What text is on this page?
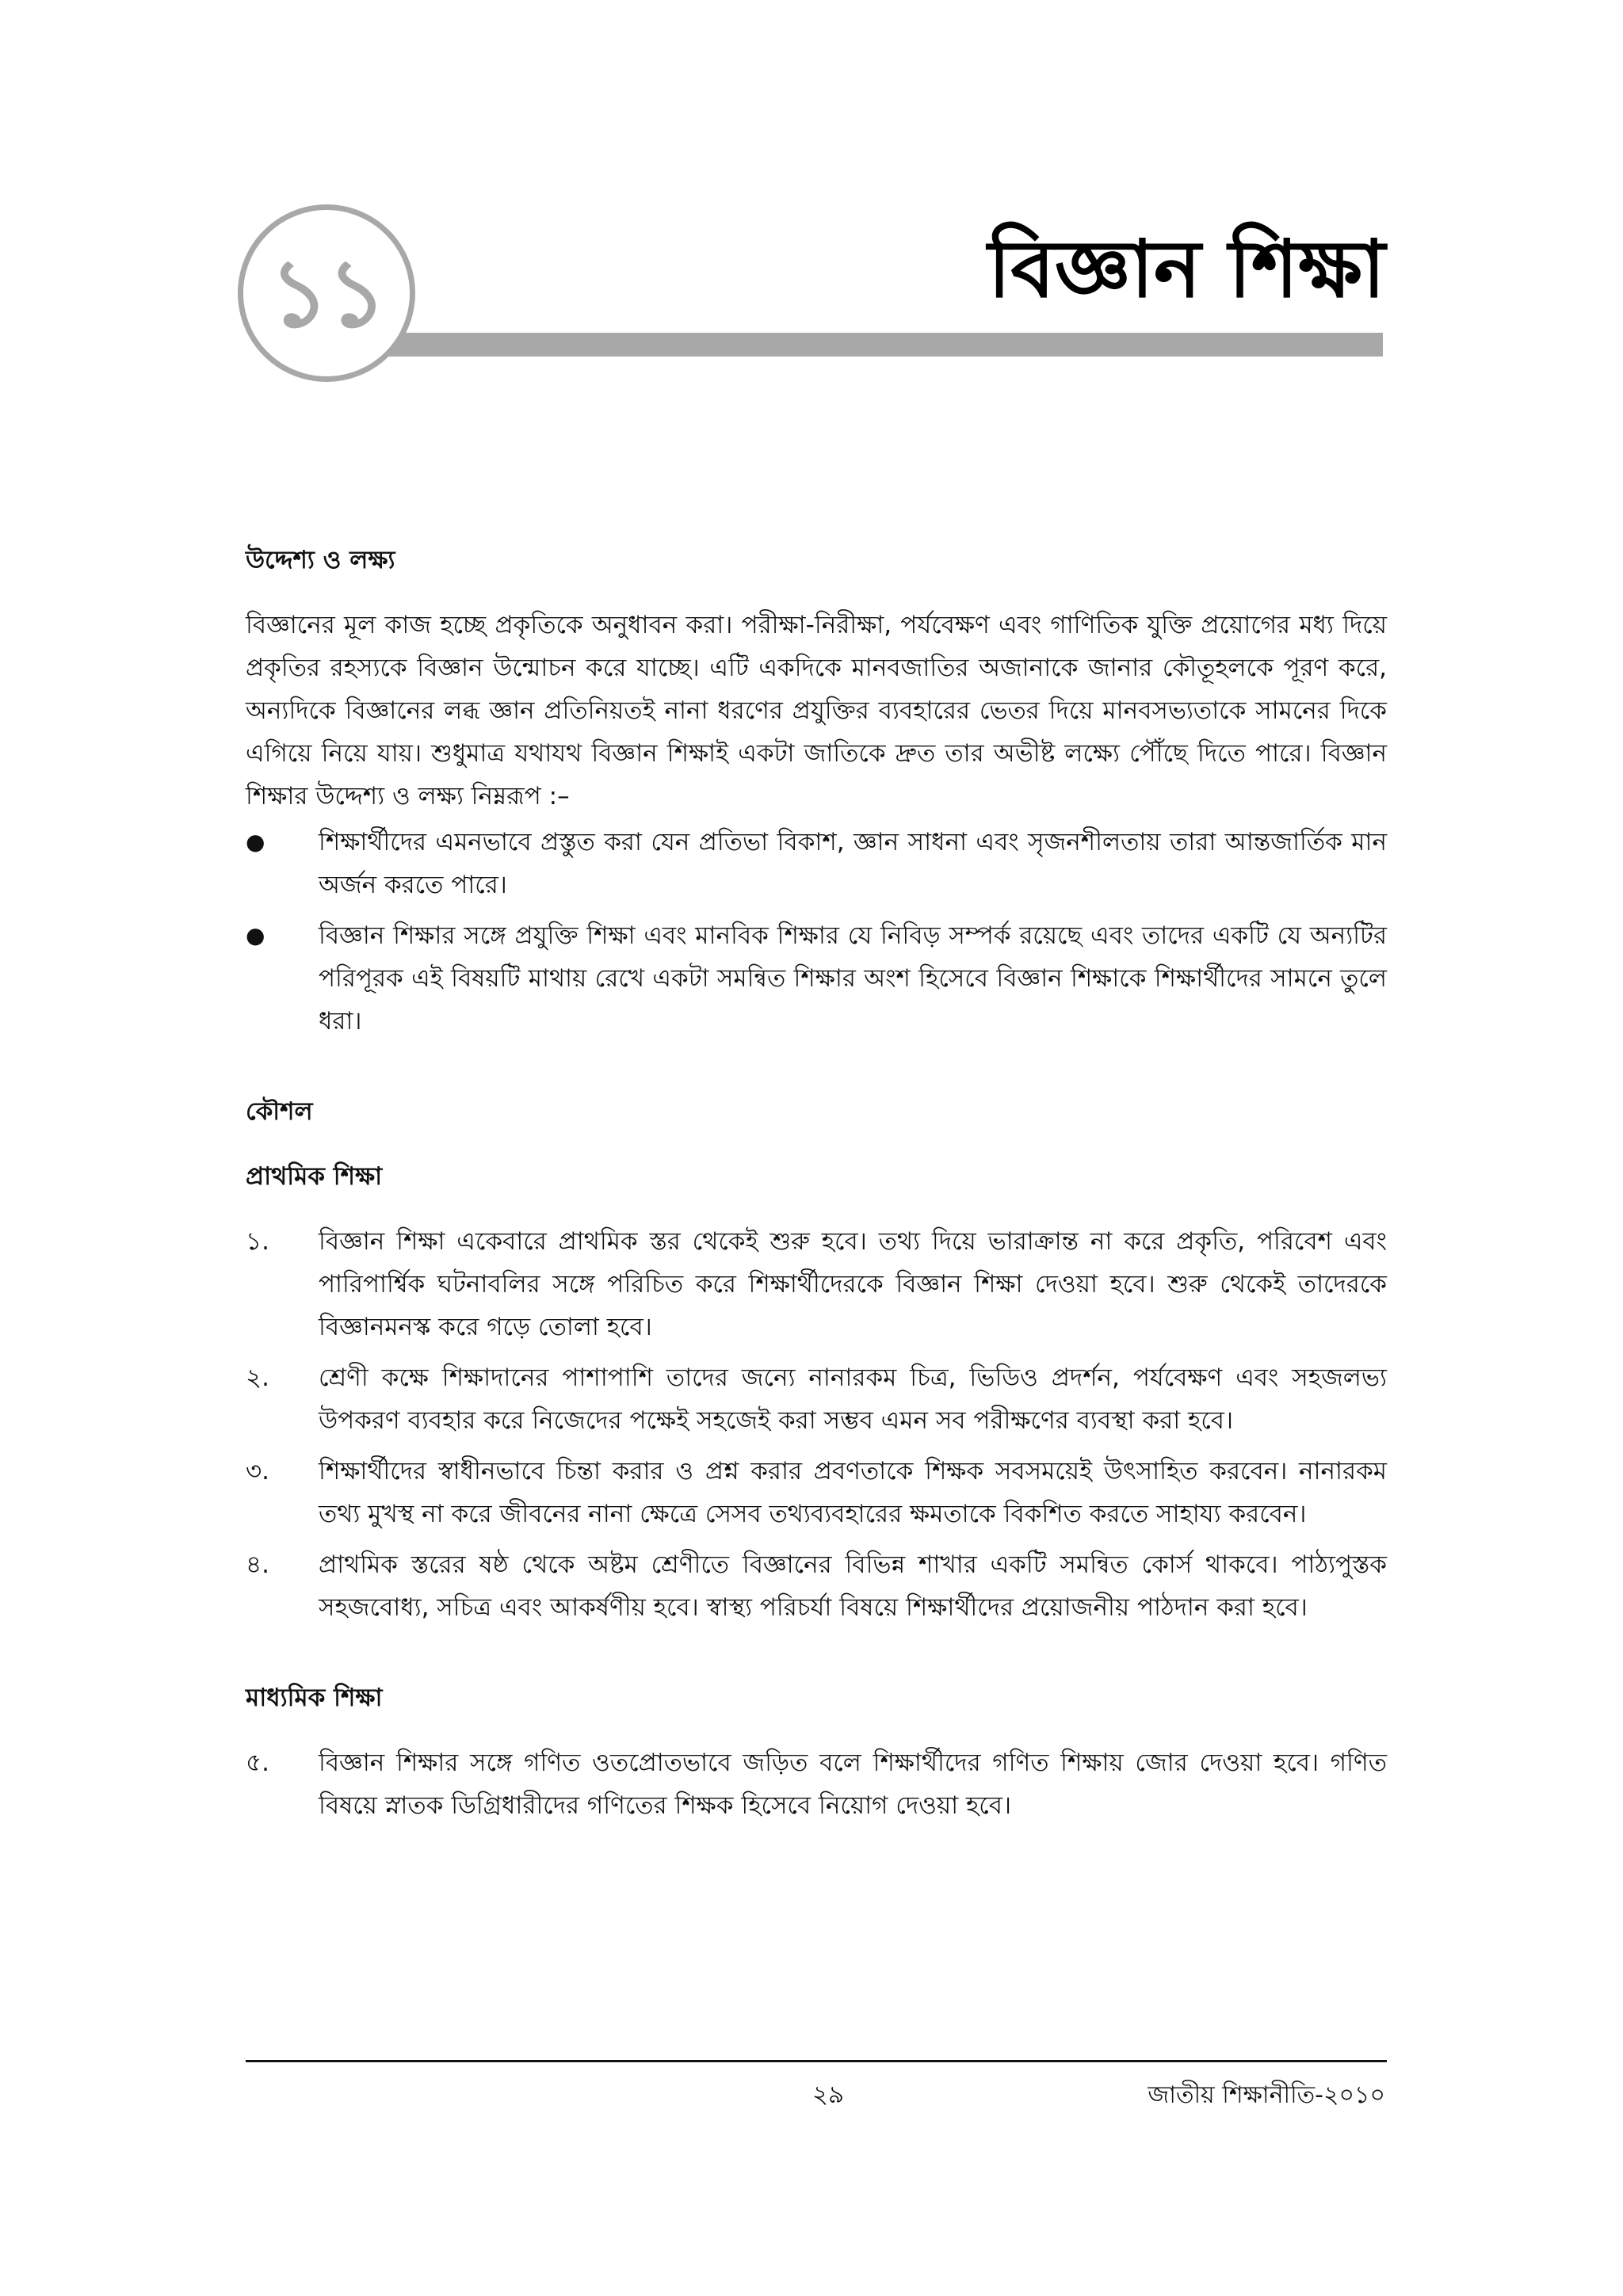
১১	বিজ্ঞান শিক্ষা
উদ্দেশ্য ও লক্ষ্য

বিজ্ঞানের মূল কাজ হচ্ছে প্রকৃতিকে অনুধাবন করা। পরীক্ষা-নিরীক্ষা, পর্যবেক্ষণ এবং গাণিতিক যুক্তি প্রয়োগের মধ্য দিয়ে প্রকৃতির রহস্যকে বিজ্ঞান উন্মোচন করে যাচ্ছে। এটি একদিকে মানবজাতির অজানাকে জানার কৌতূহলকে পূরণ করে, অন্যদিকে বিজ্ঞানের লব্ধ জ্ঞান প্রতিনিয়তই নানা ধরণের প্রযুক্তির ব্যবহারের ভেতর দিয়ে মানবসভ্যতাকে সামনের দিকে এগিয়ে নিয়ে যায়। শুধুমাত্র যথাযথ বিজ্ঞান শিক্ষাই একটা জাতিকে দ্রুত তার অভীষ্ট লক্ষ্যে পৌঁছে দিতে পারে। বিজ্ঞান শিক্ষার উদ্দেশ্য ও লক্ষ্য নিম্নরূপ :–

● শিক্ষার্থীদের এমনভাবে প্রস্তুত করা যেন প্রতিভা বিকাশ, জ্ঞান সাধনা এবং সৃজনশীলতায় তারা আন্তজার্তিক মান অর্জন করতে পারে।
● বিজ্ঞান শিক্ষার সঙ্গে প্রযুক্তি শিক্ষা এবং মানবিক শিক্ষার যে নিবিড় সম্পর্ক রয়েছে এবং তাদের একটি যে অন্যটির পরিপূরক এই বিষয়টি মাথায় রেখে একটা সমন্বিত শিক্ষার অংশ হিসেবে বিজ্ঞান শিক্ষাকে শিক্ষার্থীদের সামনে তুলে ধরা।
কৌশল
প্রাথমিক শিক্ষা
১. বিজ্ঞান শিক্ষা একেবারে প্রাথমিক স্তর থেকেই শুরু হবে। তথ্য দিয়ে ভারাক্রান্ত না করে প্রকৃতি, পরিবেশ এবং পারিপার্শ্বিক ঘটনাবলির সঙ্গে পরিচিত করে শিক্ষার্থীদেরকে বিজ্ঞান শিক্ষা দেওয়া হবে। শুরু থেকেই তাদেরকে বিজ্ঞানমনস্ক করে গড়ে তোলা হবে।
২. শ্রেণী কক্ষে শিক্ষাদানের পাশাপাশি তাদের জন্যে নানারকম চিত্র, ভিডিও প্রদর্শন, পর্যবেক্ষণ এবং সহজলভ্য উপকরণ ব্যবহার করে নিজেদের পক্ষেই সহজেই করা সম্ভব এমন সব পরীক্ষণের ব্যবস্থা করা হবে।
৩. শিক্ষার্থীদের স্বাধীনভাবে চিন্তা করার ও প্রশ্ন করার প্রবণতাকে শিক্ষক সবসময়েই উৎসাহিত করবেন। নানারকম তথ্য মুখস্থ না করে জীবনের নানা ক্ষেত্রে সেসব তথ্যব্যবহারের ক্ষমতাকে বিকশিত করতে সাহায্য করবেন।
৪. প্রাথমিক স্তরের ষষ্ঠ থেকে অষ্টম শ্রেণীতে বিজ্ঞানের বিভিন্ন শাখার একটি সমন্বিত কোর্স থাকবে। পাঠ্যপুস্তক সহজবোধ্য, সচিত্র এবং আকর্ষণীয় হবে। স্বাস্থ্য পরিচর্যা বিষয়ে শিক্ষার্থীদের প্রয়োজনীয় পাঠদান করা হবে।
মাধ্যমিক শিক্ষা
৫. বিজ্ঞান শিক্ষার সঙ্গে গণিত ওতপ্রোতভাবে জড়িত বলে শিক্ষার্থীদের গণিত শিক্ষায় জোর দেওয়া হবে। গণিত বিষয়ে স্নাতক ডিগ্রিধারীদের গণিতের শিক্ষক হিসেবে নিয়োগ দেওয়া হবে।
২৯	জাতীয় শিক্ষানীতি-২০১০
